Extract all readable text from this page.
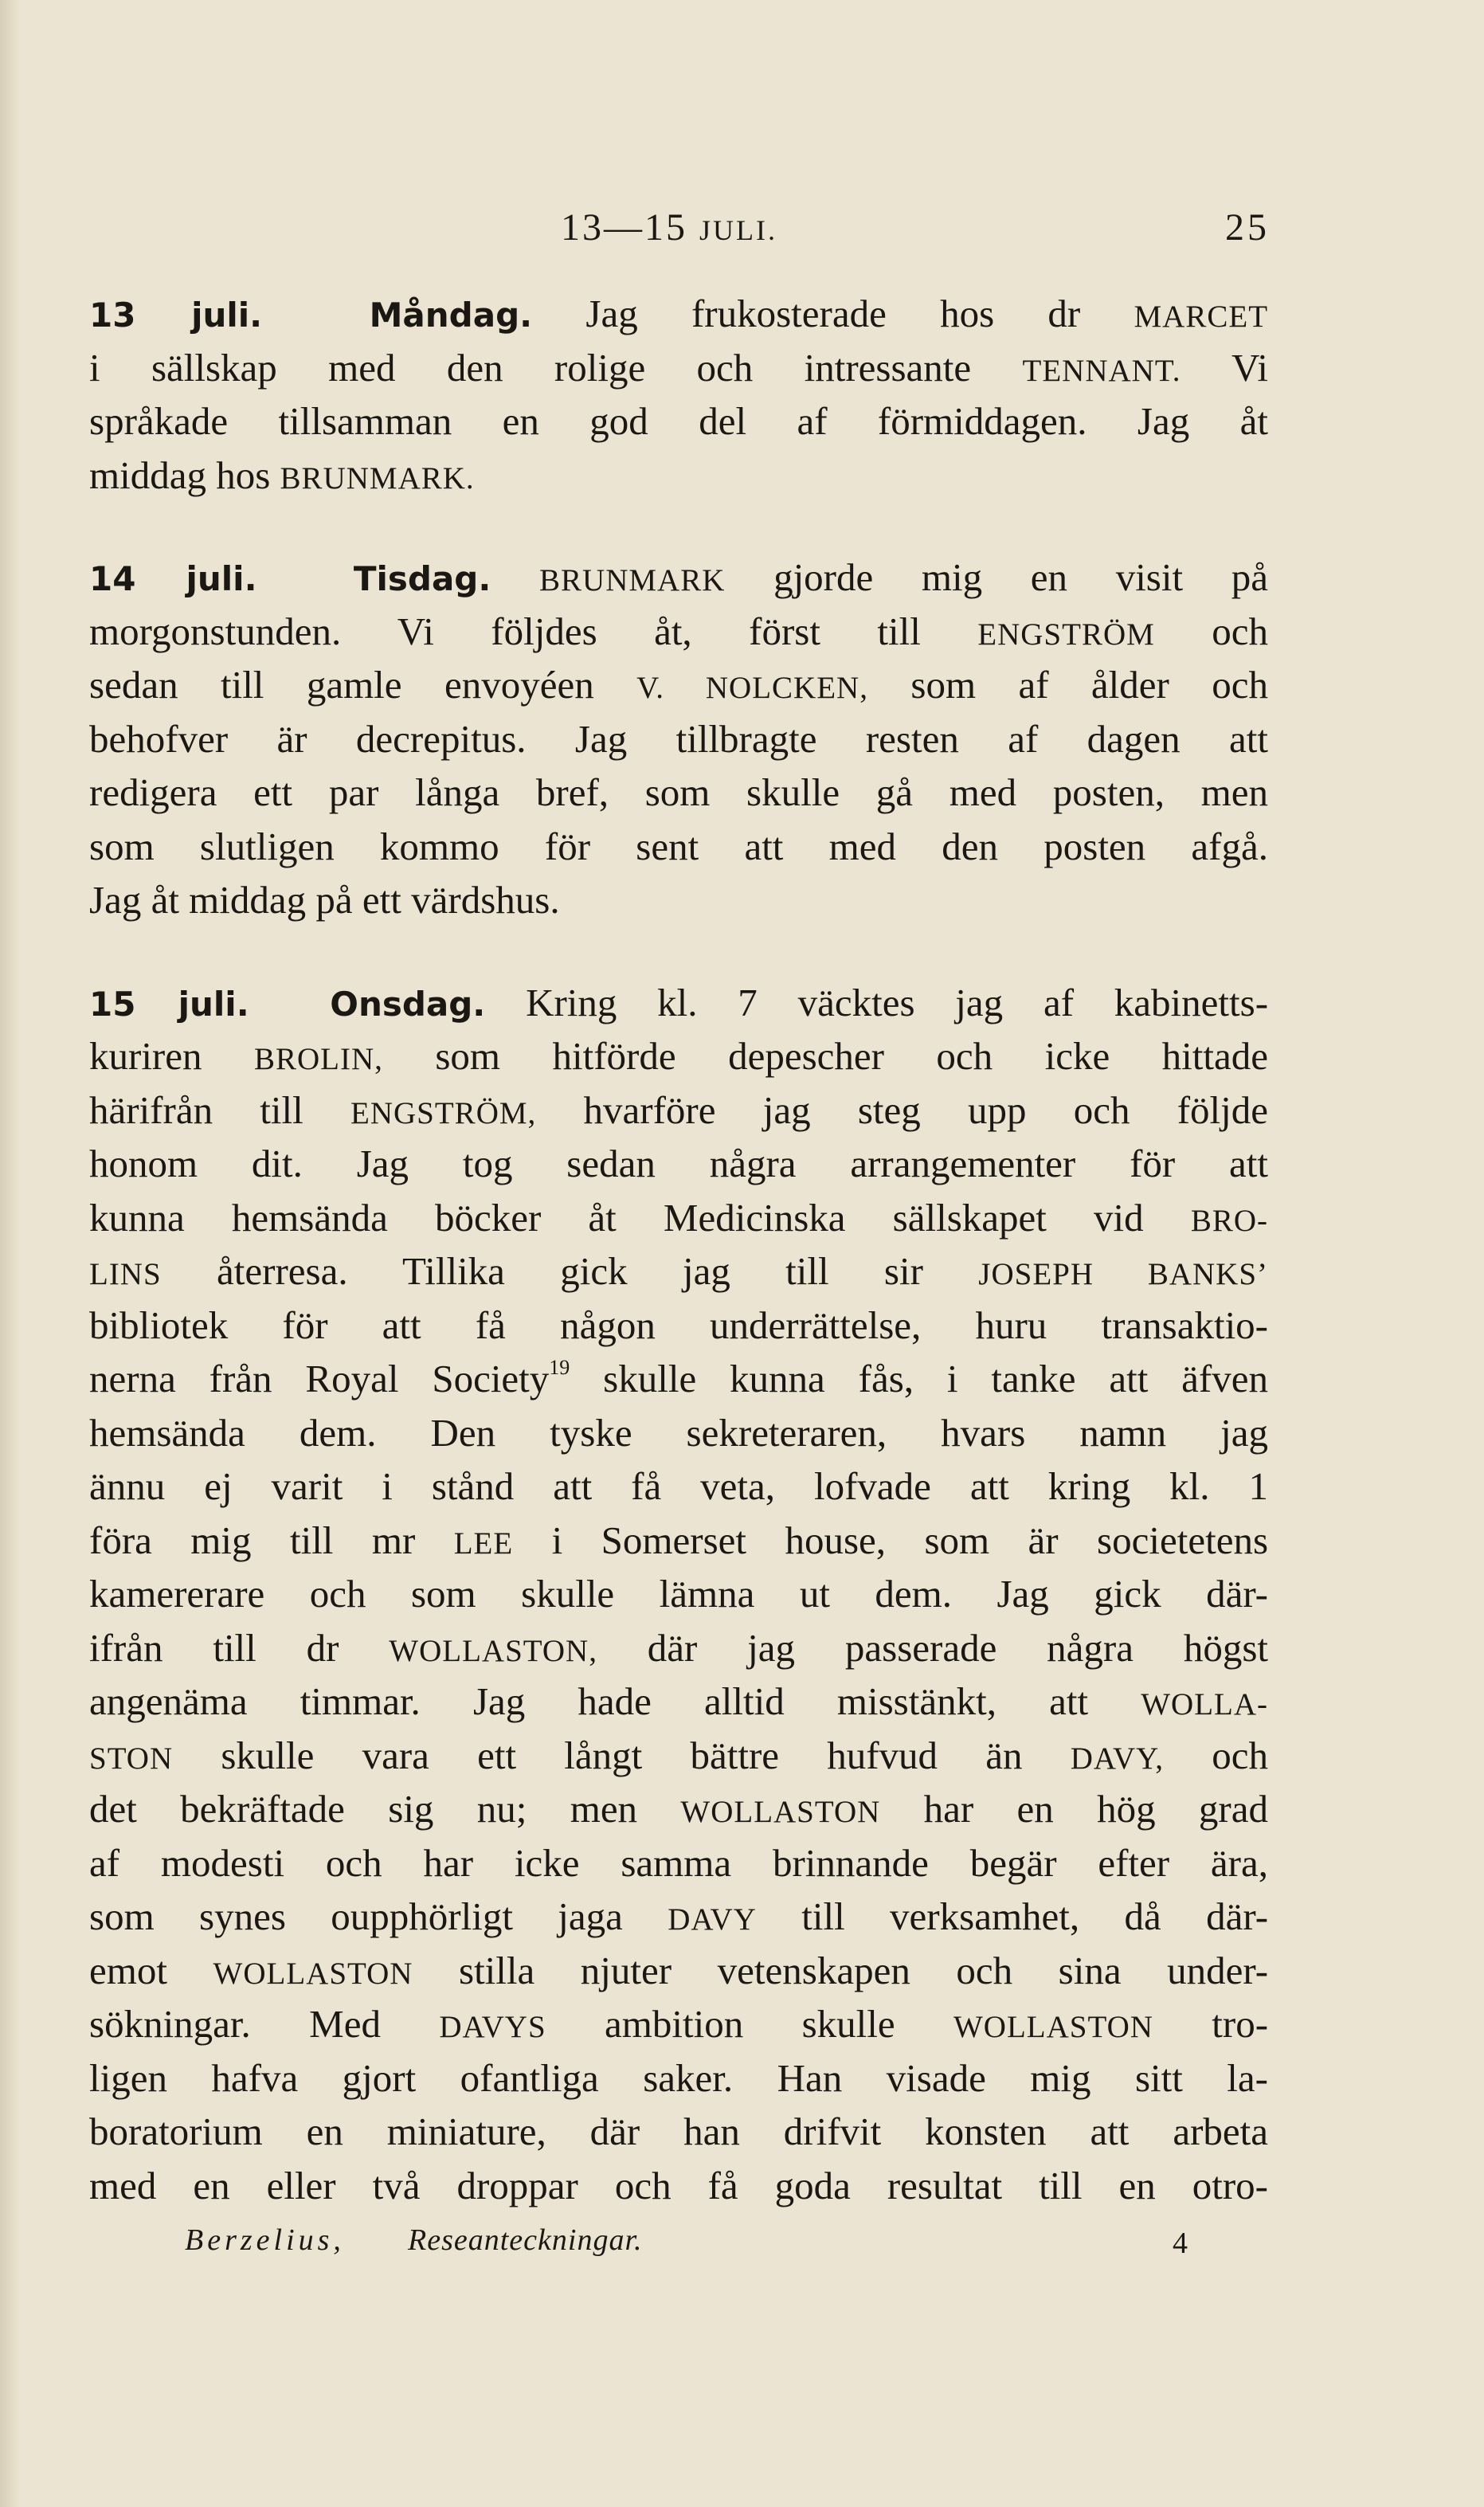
13—15 JULI.	25
13 juli.	Måndag. Jag frukosterade hos dr MARCET
i sällskap med den rolige och intressante TENNANT. Vi
språkade tillsamman en god del af förmiddagen. Jag åt
middag hos BRUNMARK.
14 juli.	Tisdag. BRUNMARK gjorde mig en visit på
morgonstunden. Vi följdes åt, först till ENGSTRÖM och
sedan till gamle envoyéen V. NOLCKEN, som af ålder och
behofver är decrepitus. Jag tillbragte resten af dagen att
redigera ett par långa bref, som skulle gå med posten, men
som slutligen kommo för sent att med den posten afgå.
Jag åt middag på ett värdshus.
15 juli. Onsdag. Kring kl. 7 väcktes jag af kabinetts-
kuriren BROLIN, som hitförde depescher och icke hittade
härifrån till ENGSTRÖM, hvarföre jag steg upp och följde
honom dit. Jag tog sedan några arrangementer för att
kunna hemsända böcker åt Medicinska sällskapet vid BRO-
LINS återresa. Tillika gick jag till sir JOSEPH BANKS’
bibliotek för att få någon underrättelse, huru transaktio-
nerna från Royal Society$^{19}$ skulle kunna fås, i tanke att äfven
hemsända dem. Den tyske sekreteraren, hvars namn jag
ännu ej varit i stånd att få veta, lofvade att kring kl. 1
föra mig till mr LEE i Somerset house, som är societetens
kamererare och som skulle lämna ut dem. Jag gick där-
ifrån till dr WOLLASTON, där jag passerade några högst
angenäma timmar. Jag hade alltid misstänkt, att WOLLA-
STON skulle vara ett långt bättre hufvud än DAVY, och
det bekräftade sig nu; men WOLLASTON har en hög grad
af modesti och har icke samma brinnande begär efter ära,
som synes oupphörligt jaga DAVY till verksamhet, då där-
emot WOLLASTON stilla njuter vetenskapen och sina under-
sökningar. Med DAVYS ambition skulle WOLLASTON tro-
ligen hafva gjort ofantliga saker. Han visade mig sitt la-
boratorium en miniature, där han drifvit konsten att arbeta
med en eller två droppar och få goda resultat till en otro-
Berzelius, Reseanteckningar.	4
